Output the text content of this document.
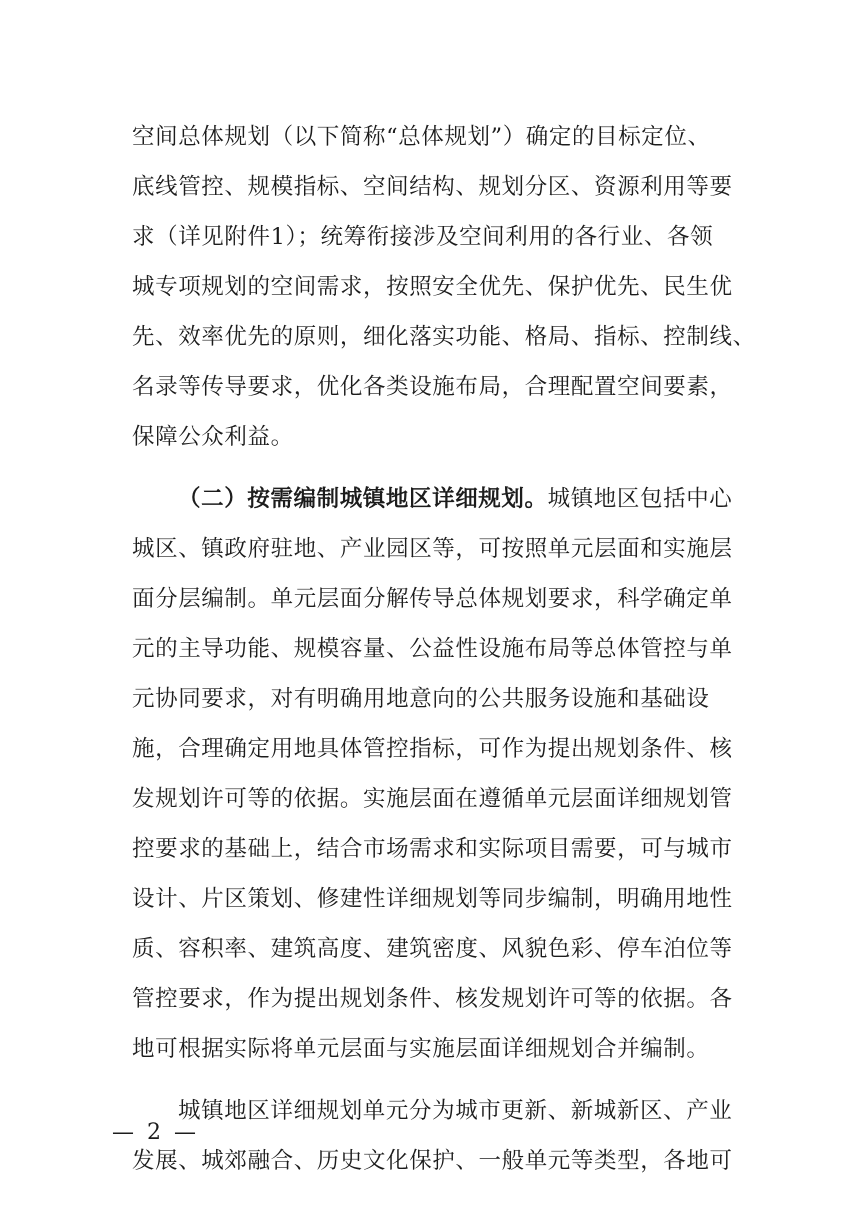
空间总体规划（以下简称“总体规划”）确定的目标定位、
底线管控、规模指标、空间结构、规划分区、资源利用等要
求（详见附件1）；统筹衔接涉及空间利用的各行业、各领
城专项规划的空间需求，按照安全优先、保护优先、民生优
先、效率优先的原则，细化落实功能、格局、指标、控制线、
名录等传导要求，优化各类设施布局，合理配置空间要素，
保障公众利益。
（二）按需编制城镇地区详细规划。城镇地区包括中心
城区、镇政府驻地、产业园区等，可按照单元层面和实施层
面分层编制。单元层面分解传导总体规划要求，科学确定单
元的主导功能、规模容量、公益性设施布局等总体管控与单
元协同要求，对有明确用地意向的公共服务设施和基础设
施，合理确定用地具体管控指标，可作为提出规划条件、核
发规划许可等的依据。实施层面在遵循单元层面详细规划管
控要求的基础上，结合市场需求和实际项目需要，可与城市
设计、片区策划、修建性详细规划等同步编制，明确用地性
质、容积率、建筑高度、建筑密度、风貌色彩、停车泊位等
管控要求，作为提出规划条件、核发规划许可等的依据。各
地可根据实际将单元层面与实施层面详细规划合并编制。
城镇地区详细规划单元分为城市更新、新城新区、产业
发展、城郊融合、历史文化保护、一般单元等类型，各地可
— 2 —
